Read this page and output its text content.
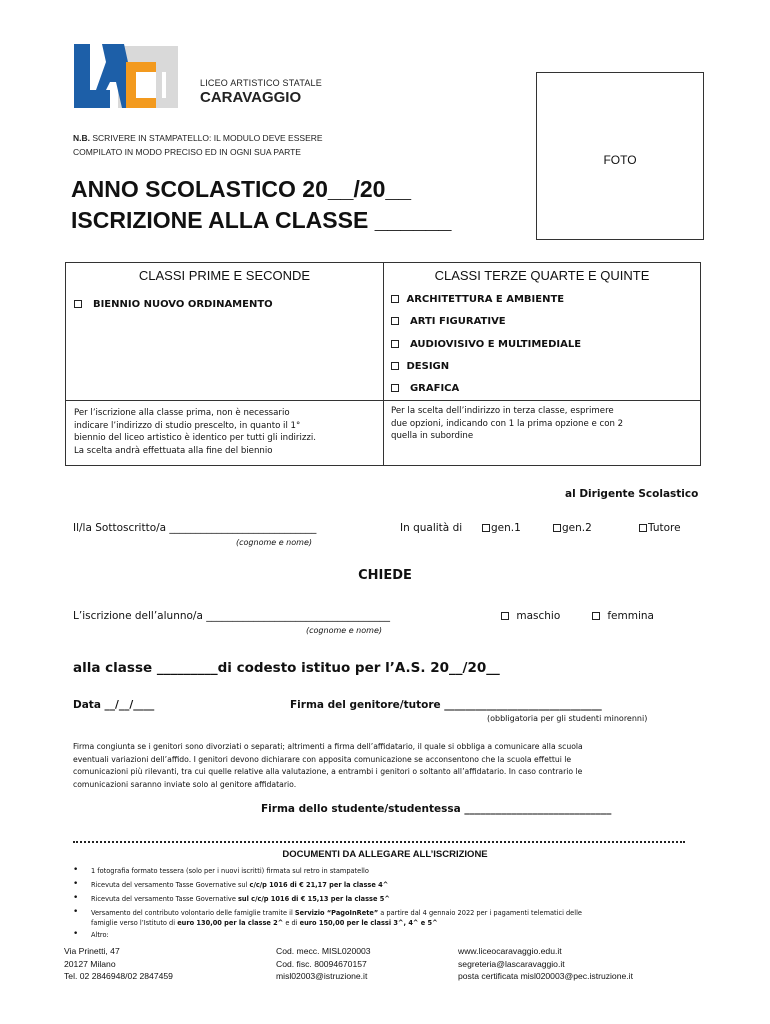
LICEO ARTISTICO STATALE
CARAVAGGIO
FOTO
N.B. SCRIVERE IN STAMPATELLO: IL MODULO DEVE ESSERE
COMPILATO IN MODO PRECISO ED IN OGNI SUA PARTE
ANNO SCOLASTICO 20__/20__
ISCRIZIONE ALLA CLASSE ______
CLASSI PRIME E SECONDE	CLASSI TERZE QUARTE E QUINTE
BIENNIO NUOVO ORDINAMENTO	ARCHITETTURA E AMBIENTE
ARTI FIGURATIVE
AUDIOVISIVO E MULTIMEDIALE
DESIGN
GRAFICA
Per l’iscrizione alla classe prima, non è necessario
indicare l’indirizzo di studio prescelto, in quanto il 1°
biennio del liceo artistico è identico per tutti gli indirizzi.
La scelta andrà effettuata alla fine del biennio
Per la scelta dell’indirizzo in terza classe, esprimere
due opzioni, indicando con 1 la prima opzione e con 2
quella in subordine
al Dirigente Scolastico
Il/la Sottoscritto/a ____________________________	In qualità di	gen.1	gen.2	Tutore
(cognome e nome)
CHIEDE
L’iscrizione dell’alunno/a ___________________________________	maschio	femmina
(cognome e nome)
alla classe _________di codesto istituo per l’A.S. 20__/20__
Data __/__/____	Firma del genitore/tutore ______________________________
(obbligatoria per gli studenti minorenni)
Firma congiunta se i genitori sono divorziati o separati; altrimenti a firma dell’affidatario, il quale si obbliga a comunicare alla scuola
eventuali variazioni dell’affido. I genitori devono dichiarare con apposita comunicazione se acconsentono che la scuola effettui le
comunicazioni più rilevanti, tra cui quelle relative alla valutazione, a entrambi i genitori o soltanto all’affidatario. In caso contrario le
comunicazioni saranno inviate solo al genitore affidatario.
Firma dello studente/studentessa ____________________________
DOCUMENTI DA ALLEGARE ALL’ISCRIZIONE
• 1 fotografia formato tessera (solo per i nuovi iscritti) firmata sul retro in stampatello
• Ricevuta del versamento Tasse Governative sul c/c/p 1016 di € 21,17 per la classe 4^
• Ricevuta del versamento Tasse Governative sul c/c/p 1016 di € 15,13 per la classe 5^
• Versamento del contributo volontario delle famiglie tramite il Servizio “PagoInRete” a partire dal 4 gennaio 2022 per i pagamenti telematici delle
famiglie verso l’Istituto di euro 130,00 per la classe 2^ e di euro 150,00 per le classi 3^, 4^ e 5^
• Altro:
Via Prinetti, 47
20127 Milano
Tel. 02 2846948/02 2847459
Cod. mecc. MISL020003
Cod. fisc. 80094670157
misl02003@istruzione.it
www.liceocaravaggio.edu.it
segreteria@lascaravaggio.it
posta certificata misl020003@pec.istruzione.it
